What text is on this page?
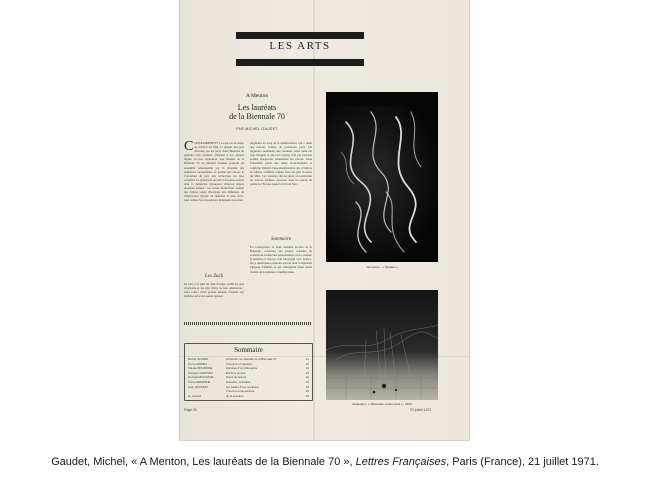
LES ARTS
A Menton
Les lauréats
de la Biennale 70
PAR MICHEL GAUDET
CONTRAIREMENT à ce qui est en usage au festival du film, la plupart des prix décernés par les jurys d'une Biennale de peinture sont rarement attribués à des œuvres dignes de leur réputation. Les lauréats de la Biennale 70 de Menton forment pourtant un ensemble remarquable par la diversité des tendances représentées, la qualité des envois et l'ouverture du jury aux recherches les plus actuelles. Le grand prix est allé à un jeune peintre dont la démarche rigoureuse s'impose depuis plusieurs années ; les autres distinctions saluent des artistes venus d'horizons très différents, de l'abstraction lyrique au réalisme le plus strict, sans oublier les propositions plastiques nouvelles.
Les Zuck
Ils sont, à la suite de cette fresque, parmi les plus attachants et les plus libres de leur génération ; leurs toiles, d'une grande densité, révèlent une maîtrise qu'on ne saurait ignorer.
originales au long de la manifestation, qui a réuni des œuvres venues de nombreux pays. On regrettera seulement que certaines salles aient été trop chargées et que l'accrochage n'ait pas toujours permis d'apprécier pleinement les envois. Mais l'ensemble garde une tenue exceptionnelle et confirme l'intérêt d'une manifestation qui, d'édition en édition, s'affirme comme l'une des plus vivantes du Midi. Les visiteurs découvriront en particulier les œuvres primées, exposées dans les salons du palais de l'Europe jusqu'à la fin de l'été.
Sommaire
En contrepartie, la toute dernière section de la Biennale, consacrée aux jeunes, présente un éventail de recherches passionnantes où la couleur, la matière et l'espace sont interrogés avec audace. On y remarquera plusieurs envois dont l'originalité s'impose d'emblée et qui témoignent d'une réelle vitalité de la peinture contemporaine.
Sommaire
Michel GAUDET	A Menton, les lauréats de la Biennale 70	21
Pierre ADRIEN	L'homme en question	21
Claude BOURDINE	Histoires d'un philosophe	21
Jacques CHESSEX	Écrits et propos	22
Georges BOGDANE	Notes de lecture	22
Pierre DEMARNE	Entretien, la théâtre	23
Jean ROUSSET	Les fastes d'une révolution	23
L'homme et la peinture	24
Le cinéma	de la semaine	24
Page 20	21 juillet 1971
Vermeiren : « Spirales »
Sebastien : « Silhouette contre-fond » - 1970
Gaudet, Michel, « A Menton, Les lauréats de la Biennale 70 », Lettres Françaises, Paris (France), 21 juillet 1971.
